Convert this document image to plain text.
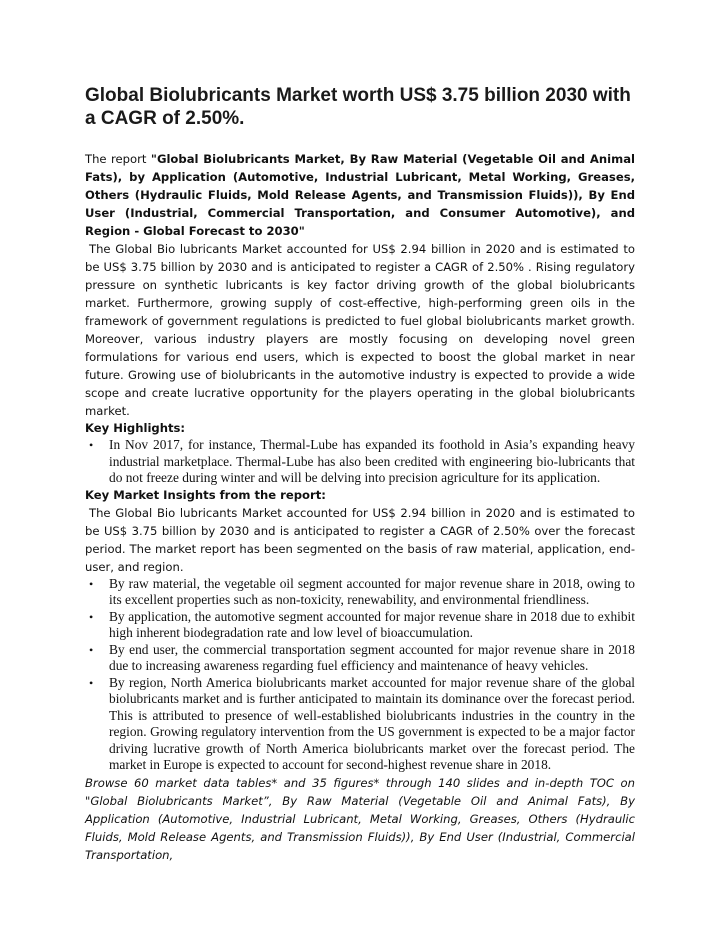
Global Biolubricants Market worth US$ 3.75 billion 2030 with a CAGR of 2.50%.
The report "Global Biolubricants Market, By Raw Material (Vegetable Oil and Animal Fats), by Application (Automotive, Industrial Lubricant, Metal Working, Greases, Others (Hydraulic Fluids, Mold Release Agents, and Transmission Fluids)), By End User (Industrial, Commercial Transportation, and Consumer Automotive), and Region - Global Forecast to 2030"
The Global Bio lubricants Market accounted for US$ 2.94 billion in 2020 and is estimated to be US$ 3.75 billion by 2030 and is anticipated to register a CAGR of 2.50% . Rising regulatory pressure on synthetic lubricants is key factor driving growth of the global biolubricants market. Furthermore, growing supply of cost-effective, high-performing green oils in the framework of government regulations is predicted to fuel global biolubricants market growth. Moreover, various industry players are mostly focusing on developing novel green formulations for various end users, which is expected to boost the global market in near future. Growing use of biolubricants in the automotive industry is expected to provide a wide scope and create lucrative opportunity for the players operating in the global biolubricants market.
Key Highlights:
• In Nov 2017, for instance, Thermal-Lube has expanded its foothold in Asia’s expanding heavy industrial marketplace. Thermal-Lube has also been credited with engineering bio-lubricants that do not freeze during winter and will be delving into precision agriculture for its application.
Key Market Insights from the report:
The Global Bio lubricants Market accounted for US$ 2.94 billion in 2020 and is estimated to be US$ 3.75 billion by 2030 and is anticipated to register a CAGR of 2.50% over the forecast period. The market report has been segmented on the basis of raw material, application, end-user, and region.
• By raw material, the vegetable oil segment accounted for major revenue share in 2018, owing to its excellent properties such as non-toxicity, renewability, and environmental friendliness.
• By application, the automotive segment accounted for major revenue share in 2018 due to exhibit high inherent biodegradation rate and low level of bioaccumulation.
• By end user, the commercial transportation segment accounted for major revenue share in 2018 due to increasing awareness regarding fuel efficiency and maintenance of heavy vehicles.
• By region, North America biolubricants market accounted for major revenue share of the global biolubricants market and is further anticipated to maintain its dominance over the forecast period. This is attributed to presence of well-established biolubricants industries in the country in the region. Growing regulatory intervention from the US government is expected to be a major factor driving lucrative growth of North America biolubricants market over the forecast period. The market in Europe is expected to account for second-highest revenue share in 2018.
Browse 60 market data tables* and 35 figures* through 140 slides and in-depth TOC on "Global Biolubricants Market”, By Raw Material (Vegetable Oil and Animal Fats), By Application (Automotive, Industrial Lubricant, Metal Working, Greases, Others (Hydraulic Fluids, Mold Release Agents, and Transmission Fluids)), By End User (Industrial, Commercial Transportation,
